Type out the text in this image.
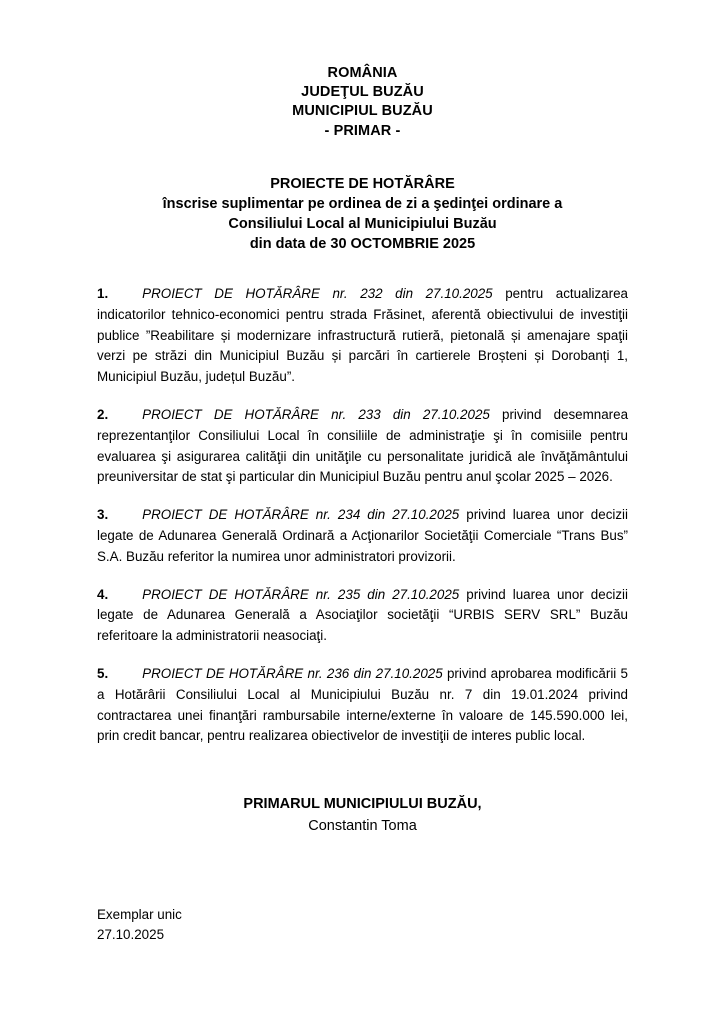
ROMÂNIA
JUDEŢUL BUZĂU
MUNICIPIUL BUZĂU
- PRIMAR -
PROIECTE DE HOTĂRÂRE
înscrise suplimentar pe ordinea de zi a şedinţei ordinare a
Consiliului Local al Municipiului Buzău
din data de 30 OCTOMBRIE 2025

1.	PROIECT DE HOTĂRÂRE nr. 232 din 27.10.2025 pentru actualizarea indicatorilor tehnico-economici pentru strada Frăsinet, aferentă obiectivului de investiţii publice ”Reabilitare și modernizare infrastructură rutieră, pietonală și amenajare spaţii verzi pe străzi din Municipiul Buzău și parcări în cartierele Broșteni și Dorobanți 1, Municipiul Buzău, județul Buzău”.

2.	PROIECT DE HOTĂRÂRE nr. 233 din 27.10.2025 privind desemnarea reprezentanţilor Consiliului Local în consiliile de administraţie şi în comisiile pentru evaluarea şi asigurarea calităţii din unităţile cu personalitate juridică ale învăţământului preuniversitar de stat şi particular din Municipiul Buzău pentru anul şcolar 2025 – 2026.

3.	PROIECT DE HOTĂRÂRE nr. 234 din 27.10.2025 privind luarea unor decizii legate de Adunarea Generală Ordinară a Acţionarilor Societăţii Comerciale “Trans Bus” S.A. Buzău referitor la numirea unor administratori provizorii.

4.	PROIECT DE HOTĂRÂRE nr. 235 din 27.10.2025 privind luarea unor decizii legate de Adunarea Generală a Asociaţilor societăţii “URBIS SERV SRL” Buzău referitoare la administratorii neasociaţi.

5.	PROIECT DE HOTĂRÂRE nr. 236 din 27.10.2025 privind aprobarea modificării 5 a Hotărârii Consiliului Local al Municipiului Buzău nr. 7 din 19.01.2024 privind contractarea unei finanţări rambursabile interne/externe în valoare de 145.590.000 lei, prin credit bancar, pentru realizarea obiectivelor de investiţii de interes public local.

PRIMARUL MUNICIPIULUI BUZĂU,
Constantin Toma
Exemplar unic
27.10.2025
